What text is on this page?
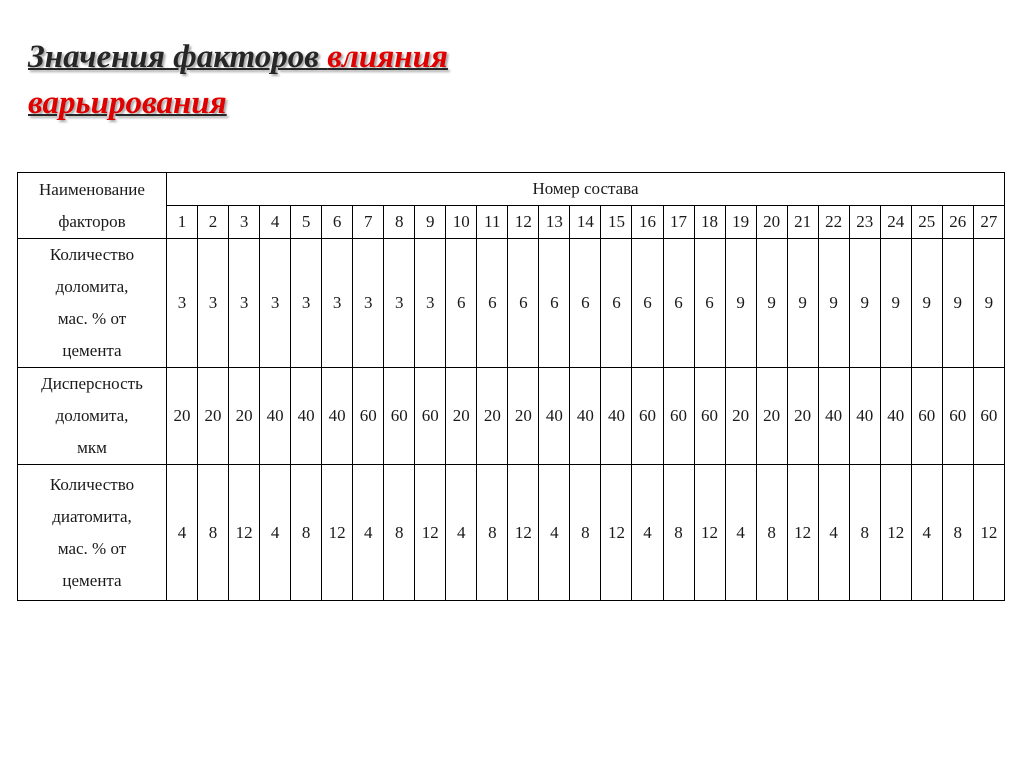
Значения факторов влияния
варьирования
Наименование
факторов	Номер состава																										
	1	2	3	4	5	6	7	8	9	10	11	12	13	14	15	16	17	18	19	20	21	22	23	24	25	26	27

Количество
доломита,
мас. % от
цемента	3	3	3	3	3	3	3	3	3	6	6	6	6	6	6	6	6	6	9	9	9	9	9	9	9	9	9

Дисперсность
доломита,
мкм	20	20	20	40	40	40	60	60	60	20	20	20	40	40	40	60	60	60	20	20	20	40	40	40	60	60	60

Количество
диатомита,
мас. % от
цемента	4	8	12	4	8	12	4	8	12	4	8	12	4	8	12	4	8	12	4	8	12	4	8	12	4	8	12
